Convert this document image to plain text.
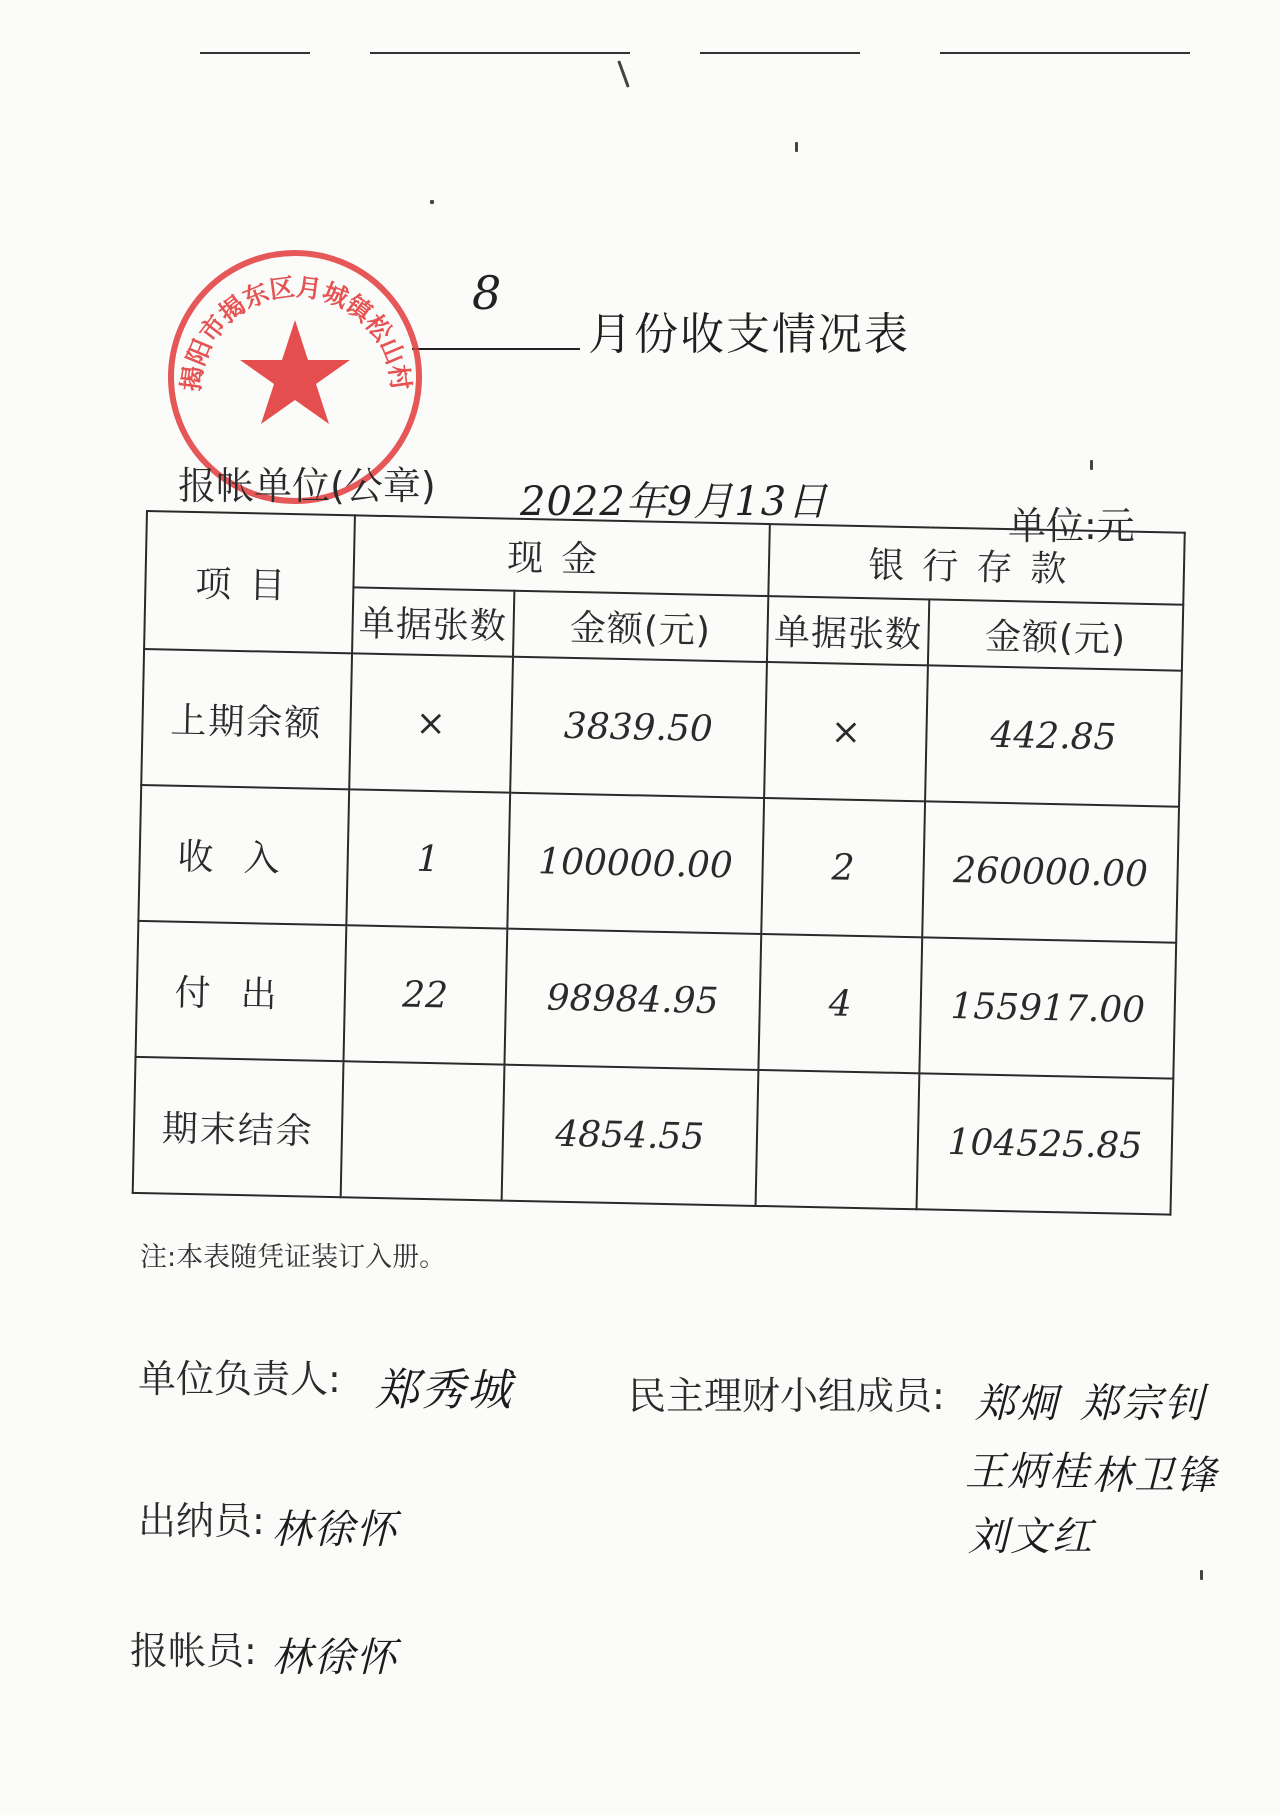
8
月份收支情况表
揭阳市揭东区月城镇松山村
报帐单位(公章) 2022年9月13日
单位:元
项目	现金		银行存款	
	单据张数	金额(元)	单据张数	金额(元)
上期余额	×	3839.50	×	442.85
收入	1	100000.00	2	260000.00
付出	22	98984.95	4	155917.00
期末结余		4854.55		104525.85
注:本表随凭证装订入册。
单位负责人: 郑秀城	民主理财小组成员: 郑炯 郑宗钊
王炳桂 林卫锋
刘文红
出纳员: 林徐怀
报帐员: 林徐怀
